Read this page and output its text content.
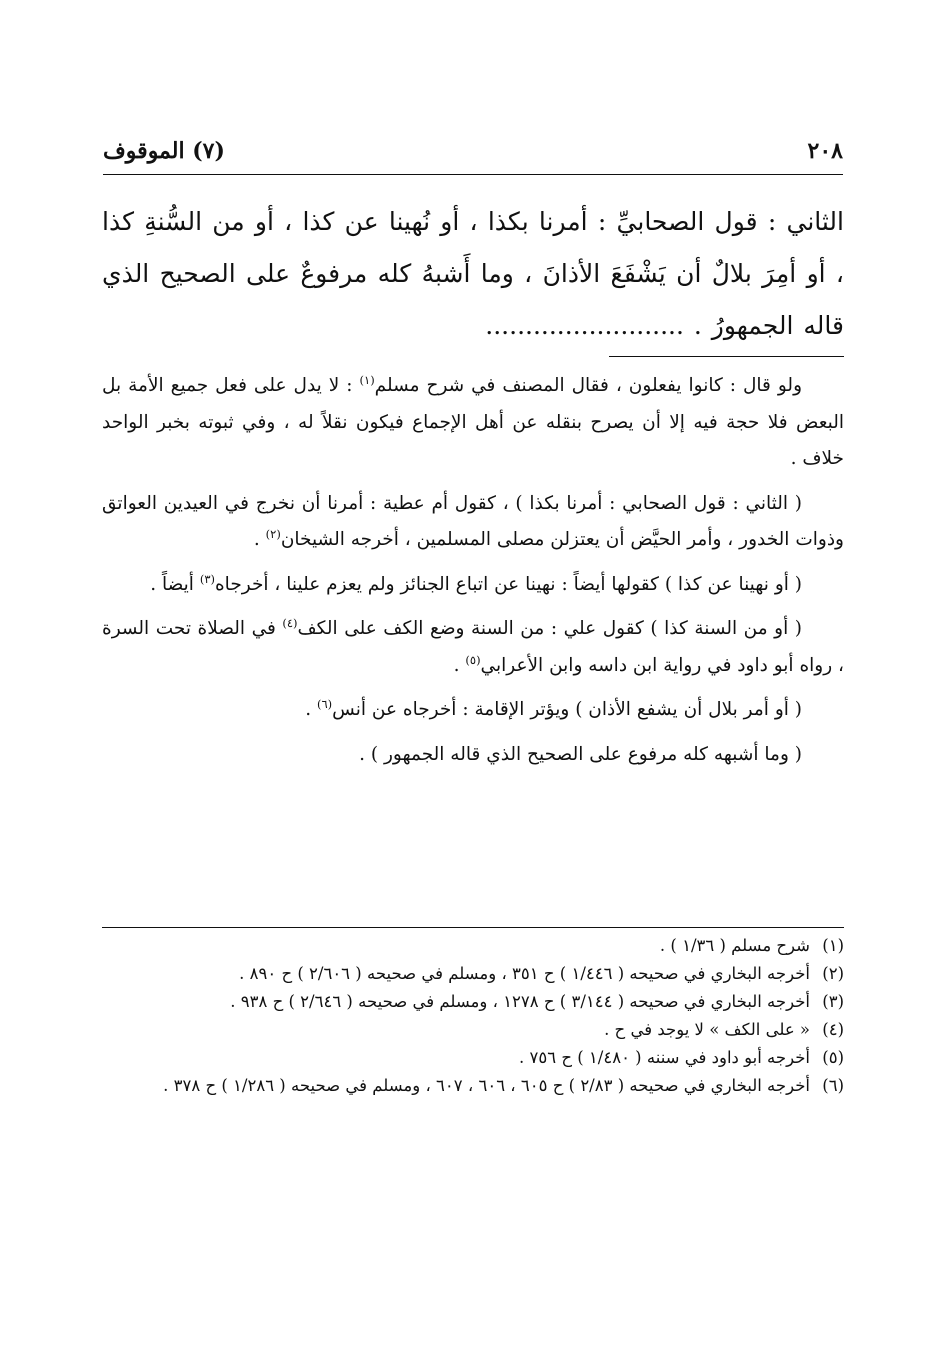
٢٠٨
(٧) الموقوف

الثاني : قول الصحابيِّ : أمرنا بكذا ، أو نُهينا عن كذا ، أو من السُّنةِ كذا ، أو أمِرَ بلالٌ أن يَشْفَعَ الأذانَ ، وما أَشبهُ كله مرفوعٌ على الصحيح الذي قاله الجمهورُ . .........................

ولو قال : كانوا يفعلون ، فقال المصنف في شرح مسلم$^{(١)}$ : لا يدل على فعل جميع الأمة بل البعض فلا حجة فيه إلا أن يصرح بنقله عن أهل الإجماع فيكون نقلاً له ، وفي ثبوته بخبر الواحد خلاف .

( الثاني : قول الصحابي : أمرنا بكذا ) ، كقول أم عطية : أمرنا أن نخرج في العيدين العواتق وذوات الخدور ، وأمر الحيَّض أن يعتزلن مصلى المسلمين ، أخرجه الشيخان$^{(٢)}$ .

( أو نهينا عن كذا ) كقولها أيضاً : نهينا عن اتباع الجنائز ولم يعزم علينا ، أخرجاه$^{(٣)}$ أيضاً .

( أو من السنة كذا ) كقول علي : من السنة وضع الكف على الكف$^{(٤)}$ في الصلاة تحت السرة ، رواه أبو داود في رواية ابن داسه وابن الأعرابي$^{(٥)}$ .

( أو أمر بلال أن يشفع الأذان ) ويؤتر الإقامة : أخرجاه عن أنس$^{(٦)}$ .

( وما أشبهه كله مرفوع على الصحيح الذي قاله الجمهور ) .

(١)
شرح مسلم ( ١/٣٦ ) .
(٢)
أخرجه البخاري في صحيحه ( ١/٤٤٦ ) ح ٣٥١ ، ومسلم في صحيحه ( ٢/٦٠٦ ) ح ٨٩٠ .
(٣)
أخرجه البخاري في صحيحه ( ٣/١٤٤ ) ح ١٢٧٨ ، ومسلم في صحيحه ( ٢/٦٤٦ ) ح ٩٣٨ .
(٤)
« على الكف » لا يوجد في ح .
(٥)
أخرجه أبو داود في سننه ( ١/٤٨٠ ) ح ٧٥٦ .
(٦)
أخرجه البخاري في صحيحه ( ٢/٨٣ ) ح ٦٠٥ ، ٦٠٦ ، ٦٠٧ ، ومسلم في صحيحه ( ١/٢٨٦ ) ح ٣٧٨ .
